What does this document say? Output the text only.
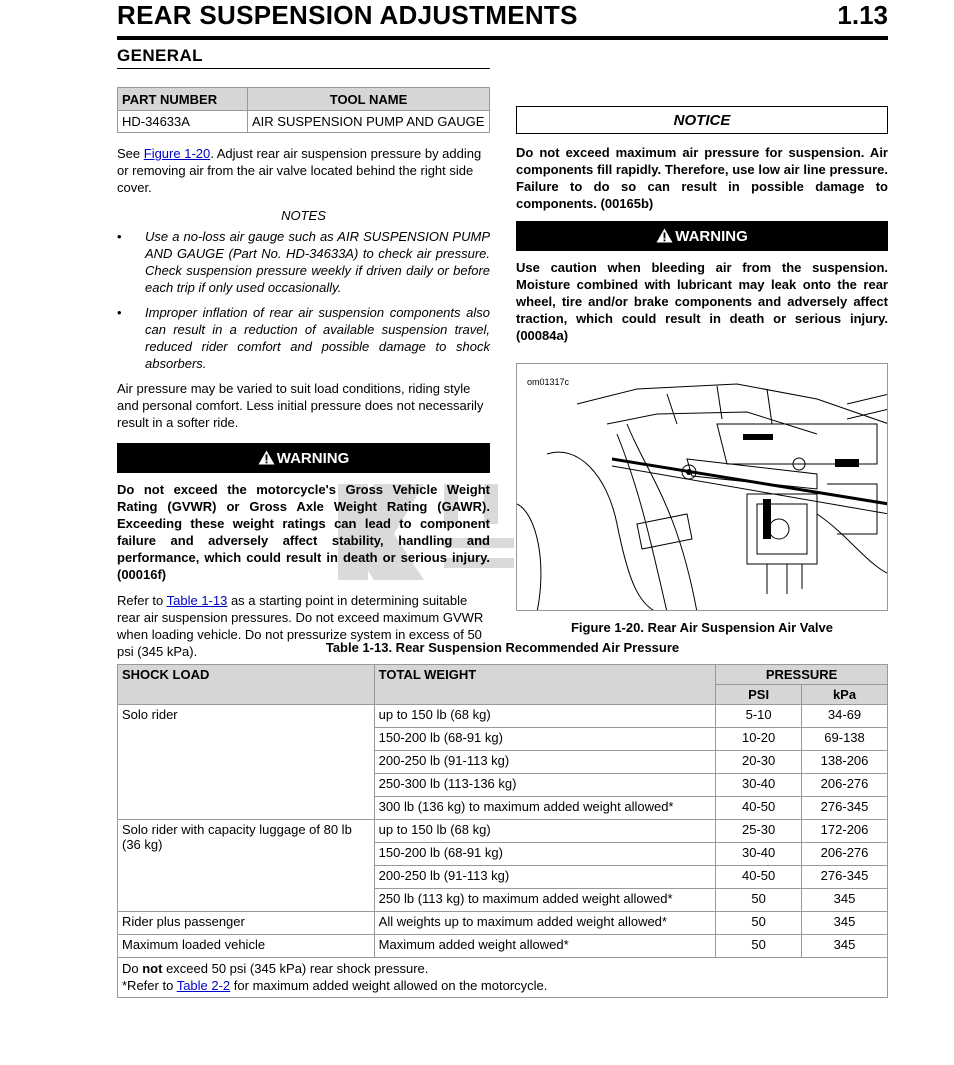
REAR SUSPENSION ADJUSTMENTS	1.13
GENERAL
PART NUMBER	TOOL NAME
HD-34633A	AIR SUSPENSION PUMP AND GAUGE

See Figure 1-20. Adjust rear air suspension pressure by adding or removing air from the air valve located behind the right side cover.

NOTES
• Use a no-loss air gauge such as AIR SUSPENSION PUMP AND GAUGE (Part No. HD-34633A) to check air pressure. Check suspension pressure weekly if driven daily or before each trip if only used occasionally.
• Improper inflation of rear air suspension components also can result in a reduction of available suspension travel, reduced rider comfort and possible damage to shock absorbers.

Air pressure may be varied to suit load conditions, riding style and personal comfort. Less initial pressure does not necessarily result in a softer ride.

WARNING

Do not exceed the motorcycle's Gross Vehicle Weight Rating (GVWR) or Gross Axle Weight Rating (GAWR). Exceeding these weight ratings can lead to component failure and adversely affect stability, handling and performance, which could result in death or serious injury. (00016f)

Refer to Table 1-13 as a starting point in determining suitable rear air suspension pressures. Do not exceed maximum GVWR when loading vehicle. Do not pressurize system in excess of 50 psi (345 kPa).

NOTICE

Do not exceed maximum air pressure for suspension. Air components fill rapidly. Therefore, use low air line pressure. Failure to do so can result in possible damage to components. (00165b)

WARNING

Use caution when bleeding air from the suspension. Moisture combined with lubricant may leak onto the rear wheel, tire and/or brake components and adversely affect traction, which could result in death or serious injury. (00084a)

om01317c
Figure 1-20. Rear Air Suspension Air Valve
Table 1-13. Rear Suspension Recommended Air Pressure
SHOCK LOAD	TOTAL WEIGHT	PRESSURE	
		PSI	kPa
Solo rider	up to 150 lb (68 kg)	5-10	34-69
	150-200 lb (68-91 kg)	10-20	69-138
	200-250 lb (91-113 kg)	20-30	138-206
	250-300 lb (113-136 kg)	30-40	206-276
	300 lb (136 kg) to maximum added weight allowed*	40-50	276-345
Solo rider with capacity luggage of 80 lb (36 kg)	up to 150 lb (68 kg)	25-30	172-206
	150-200 lb (68-91 kg)	30-40	206-276
	200-250 lb (91-113 kg)	40-50	276-345
	250 lb (113 kg) to maximum added weight allowed*	50	345
Rider plus passenger	All weights up to maximum added weight allowed*	50	345
Maximum loaded vehicle	Maximum added weight allowed*	50	345

Do not exceed 50 psi (345 kPa) rear shock pressure.
*Refer to Table 2-2 for maximum added weight allowed on the motorcycle.			
